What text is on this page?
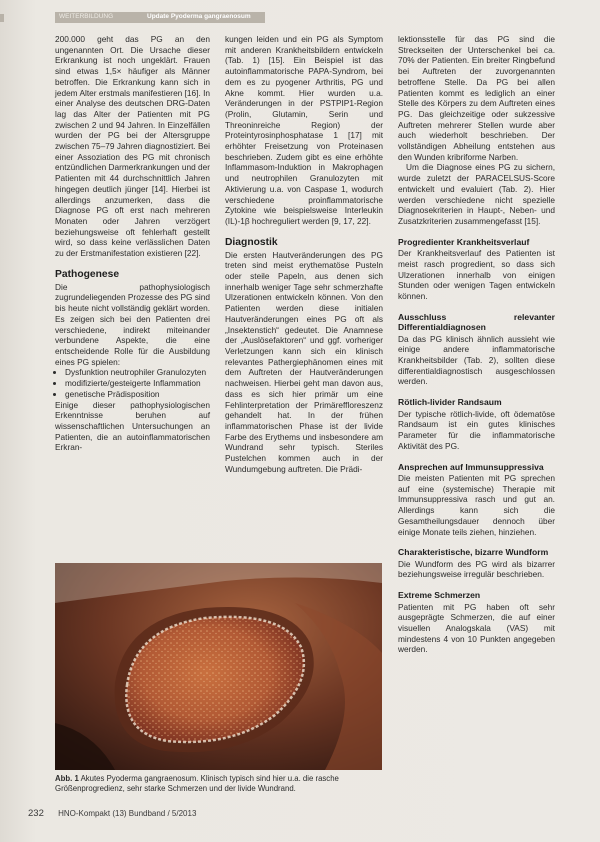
WEITERBILDUNG	Update Pyoderma gangraenosum

200.000 geht das PG an den ungenannten Ort. Die Ursache dieser Erkrankung ist noch ungeklärt. Frauen sind etwas 1,5× häufiger als Männer betroffen. Die Erkrankung kann sich in jedem Alter erstmals manifestieren [16]. In einer Analyse des deutschen DRG-Daten lag das Alter der Patienten mit PG zwischen 2 und 94 Jahren. In Einzelfällen wurden der PG bei der Altersgruppe zwischen 75–79 Jahren diagnostiziert. Bei einer Assoziation des PG mit chronisch entzündlichen Darmerkrankungen und der Patienten mit 44 durchschnittlich Jahren hingegen deutlich jünger [14]. Hierbei ist allerdings anzumerken, dass die Diagnose PG oft erst nach mehreren Monaten oder Jahren verzögert beziehungsweise oft fehlerhaft gestellt wird, so dass keine verlässlichen Daten zu der Erstmanifestation existieren [22].

Pathogenese

Die pathophysiologisch zugrundeliegenden Prozesse des PG sind bis heute nicht vollständig geklärt worden. Es zeigen sich bei den Patienten drei verschiedene, indirekt miteinander verbundene Aspekte, die eine entscheidende Rolle für die Ausbildung eines PG spielen:

• Dysfunktion neutrophiler Granulozyten
• modifizierte/gesteigerte Inflammation
• genetische Prädisposition

Einige dieser pathophysiologischen Erkenntnisse beruhen auf wissenschaftlichen Untersuchungen an Patienten, die an autoinflammatorischen Erkran-

kungen leiden und ein PG als Symptom mit anderen Krankheitsbildern entwickeln (Tab. 1) [15]. Ein Beispiel ist das autoinflammatorische PAPA-Syndrom, bei dem es zu pyogener Arthritis, PG und Akne kommt. Hier wurden u.a. Veränderungen in der PSTPIP1-Region (Prolin, Glutamin, Serin und Threoninreiche Region) der Proteintyrosinphosphatase 1 [17] mit erhöhter Freisetzung von Proteinasen beschrieben. Zudem gibt es eine erhöhte Inflammasom-Induktion in Makrophagen und neutrophilen Granulozyten mit Aktivierung u.a. von Caspase 1, wodurch verschiedene proinflammatorische Zytokine wie beispielsweise Interleukin (IL)-1β hochreguliert werden [9, 17, 22].

Diagnostik

Die ersten Hautveränderungen des PG treten sind meist erythematöse Pusteln oder steile Papeln, aus denen sich innerhalb weniger Tage sehr schmerzhafte Ulzerationen entwickeln können. Von den Patienten werden diese initialen Hautveränderungen eines PG oft als „Insektenstich“ gedeutet. Die Anamnese der „Auslösefaktoren“ und ggf. vorheriger Verletzungen kann sich ein klinisch relevantes Pathergiephänomen eines mit dem Auftreten der Hautveränderungen nachweisen. Hierbei geht man davon aus, dass es sich hier primär um eine Fehlinterpretation der Primäreffloreszenz gehandelt hat. In der frühen inflammatorischen Phase ist der livide Farbe des Erythems und insbesondere am Wundrand sehr typisch. Steriles Pustelchen kommen auch in der Wundumgebung auftreten. Die Prädi-

lektionsstelle für das PG sind die Streckseiten der Unterschenkel bei ca. 70% der Patienten. Ein breiter Ringbefund bei Auftreten der zuvorgenannten betroffene Stelle. Da PG bei allen Patienten kommt es lediglich an einer Stelle des Körpers zu dem Auftreten eines PG. Das gleichzeitige oder sukzessive Auftreten mehrerer Stellen wurde aber auch wiederholt beschrieben. Der vollständigen Abheilung entstehen aus den Wunden kribriforme Narben.

Um die Diagnose eines PG zu sichern, wurde zuletzt der PARACELSUS-Score entwickelt und evaluiert (Tab. 2). Hier werden verschiedene nicht spezielle Diagnosekriterien in Haupt-, Neben- und Zusatzkriterien zusammengefasst [15].

Progredienter Krankheitsverlauf

Der Krankheitsverlauf des Patienten ist meist rasch progredient, so dass sich Ulzerationen innerhalb von einigen Stunden oder wenigen Tagen entwickeln können.

Ausschluss relevanter Differentialdiagnosen

Da das PG klinisch ähnlich aussieht wie einige andere inflammatorische Krankheitsbilder (Tab. 2), sollten diese differentialdiagnostisch ausgeschlossen werden.

Rötlich-livider Randsaum

Der typische rötlich-livide, oft ödematöse Randsaum ist ein gutes klinisches Parameter für die inflammatorische Aktivität des PG.

Ansprechen auf Immunsuppressiva

Die meisten Patienten mit PG sprechen auf eine (systemische) Therapie mit Immunsuppressiva rasch und gut an. Allerdings kann sich die Gesamtheilungsdauer dennoch über einige Monate teils ziehen, hinziehen.

Charakteristische, bizarre Wundform

Die Wundform des PG wird als bizarrer beziehungsweise irregulär beschrieben.

Extreme Schmerzen

Patienten mit PG haben oft sehr ausgeprägte Schmerzen, die auf einer visuellen Analogskala (VAS) mit mindestens 4 von 10 Punkten angegeben werden.

Abb. 1 Akutes Pyoderma gangraenosum. Klinisch typisch sind hier u.a. die rasche Größenprogredienz, sehr starke Schmerzen und der livide Wundrand.
232 HNO-Kompakt (13) Bundband / 5/2013
